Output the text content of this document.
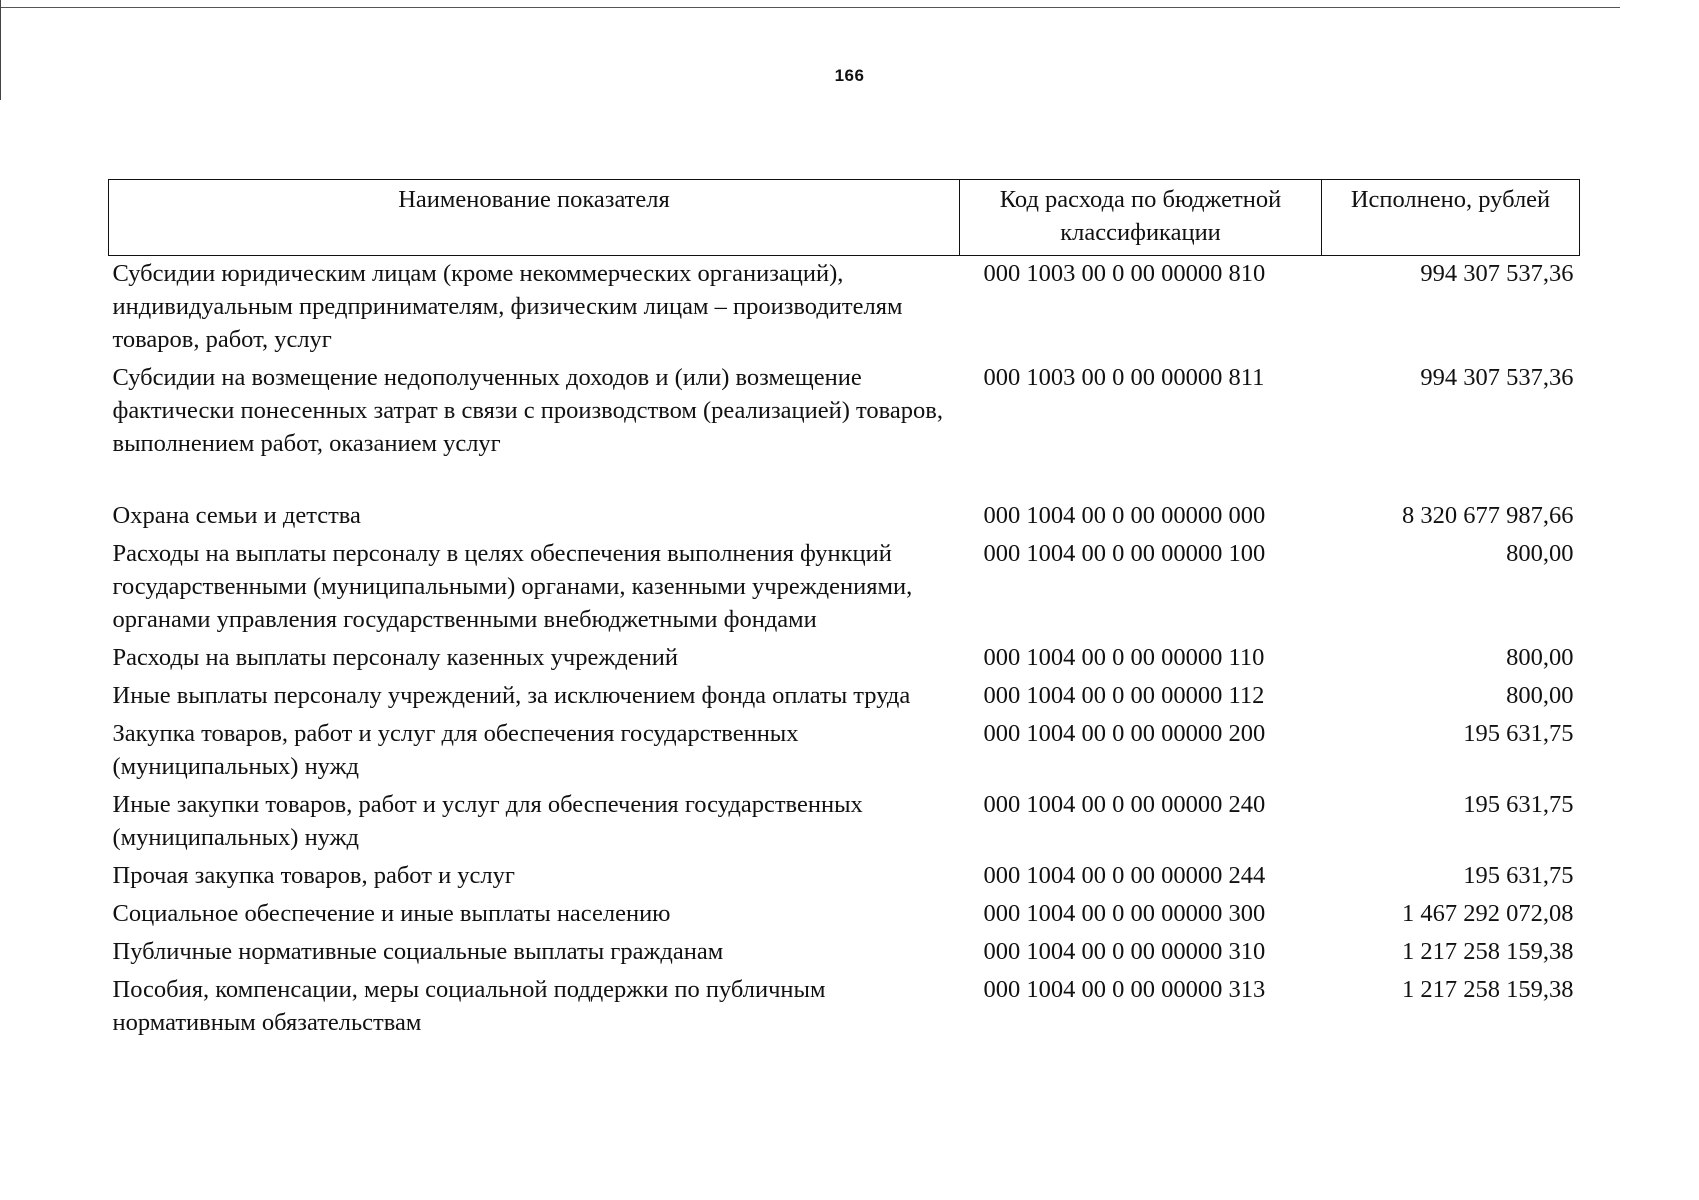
166
Наименование показателя	Код расхода по бюджетной классификации	Исполнено, рублей
Субсидии юридическим лицам (кроме некоммерческих организаций), индивидуальным предпринимателям, физическим лицам – производителям товаров, работ, услуг	000 1003 00 0 00 00000 810	994 307 537,36
Субсидии на возмещение недополученных доходов и (или) возмещение фактически понесенных затрат в связи с производством (реализацией) товаров, выполнением работ, оказанием услуг	000 1003 00 0 00 00000 811	994 307 537,36
Охрана семьи и детства	000 1004 00 0 00 00000 000	8 320 677 987,66
Расходы на выплаты персоналу в целях обеспечения выполнения функций государственными (муниципальными) органами, казенными учреждениями, органами управления государственными внебюджетными фондами	000 1004 00 0 00 00000 100	800,00
Расходы на выплаты персоналу казенных учреждений	000 1004 00 0 00 00000 110	800,00
Иные выплаты персоналу учреждений, за исключением фонда оплаты труда	000 1004 00 0 00 00000 112	800,00
Закупка товаров, работ и услуг для обеспечения государственных (муниципальных) нужд	000 1004 00 0 00 00000 200	195 631,75
Иные закупки товаров, работ и услуг для обеспечения государственных (муниципальных) нужд	000 1004 00 0 00 00000 240	195 631,75
Прочая закупка товаров, работ и услуг	000 1004 00 0 00 00000 244	195 631,75
Социальное обеспечение и иные выплаты населению	000 1004 00 0 00 00000 300	1 467 292 072,08
Публичные нормативные социальные выплаты гражданам	000 1004 00 0 00 00000 310	1 217 258 159,38
Пособия, компенсации, меры социальной поддержки по публичным нормативным обязательствам	000 1004 00 0 00 00000 313	1 217 258 159,38
